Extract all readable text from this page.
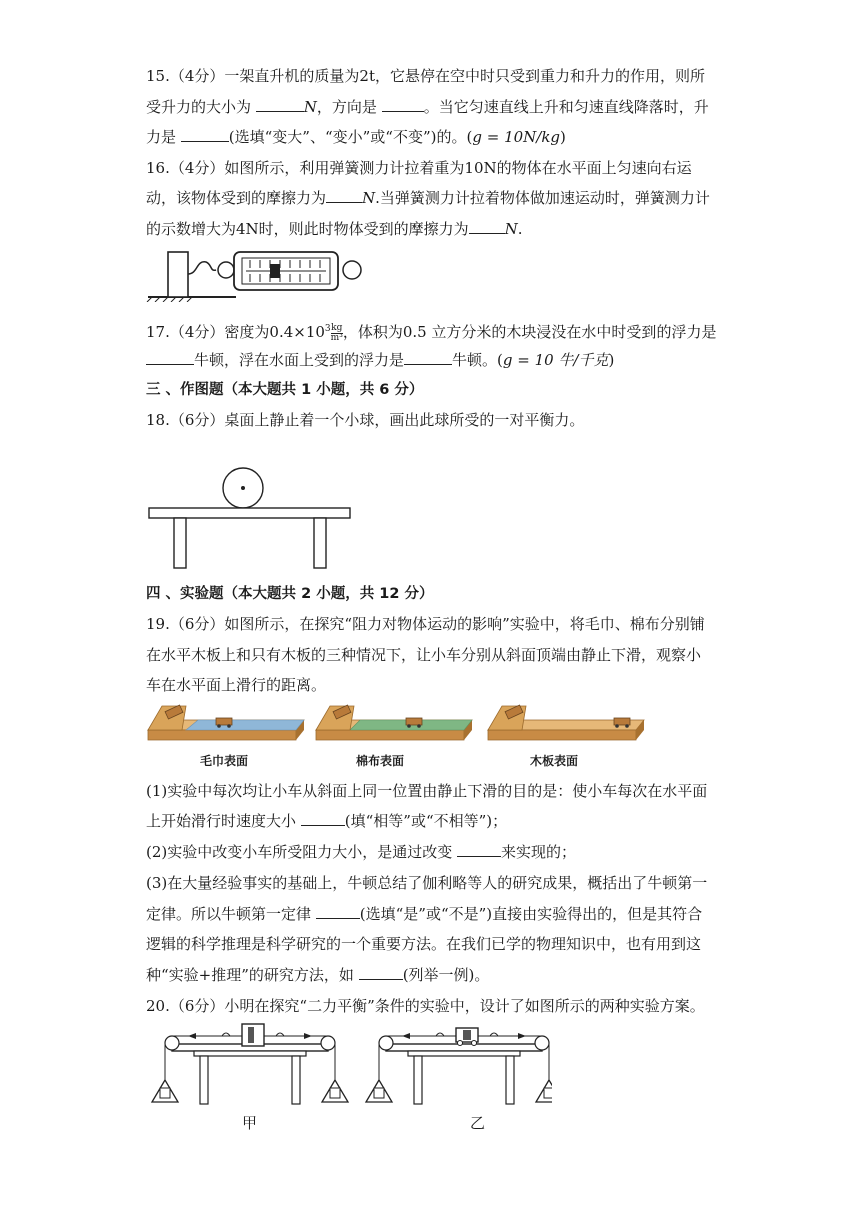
15.（4分）一架直升机的质量为2t，它悬停在空中时只受到重力和升力的作用，则所
受升力的大小为	N，方向是	。当它匀速直线上升和匀速直线降落时，升
力是	(选填“变大”、“变小”或“不变”)的。(g = 10N/kg)
16.（4分）如图所示，利用弹簧测力计拉着重为10N的物体在水平面上匀速向右运
动，该物体受到的摩擦力为 N.当弹簧测力计拉着物体做加速运动时，弹簧测力计
的示数增大为4N时，则此时物体受到的摩擦力为 N.
17.（4分）密度为$0.4\times 10^3 \frac{kg}{\text{m³}}$ ，体积为0.5 立方分米的木块浸没在水中时受到的浮力是
牛顿，浮在水面上受到的浮力是	牛顿。(g = 10 牛/千克)
三 、作图题（本大题共 1 小题，共 6 分）
18.（6分）桌面上静止着一个小球，画出此球所受的一对平衡力。
四 、实验题（本大题共 2 小题，共 12 分）
19.（6分）如图所示，在探究“阻力对物体运动的影响”实验中，将毛巾、棉布分别铺
在水平木板上和只有木板的三种情况下，让小车分别从斜面顶端由静止下滑，观察小
车在水平面上滑行的距离。
毛巾表面	棉布表面	木板表面
(1)实验中每次均让小车从斜面上同一位置由静止下滑的目的是：使小车每次在水平面
上开始滑行时速度大小	(填“相等”或“不相等”)；
(2)实验中改变小车所受阻力大小，是通过改变	来实现的；
(3)在大量经验事实的基础上，牛顿总结了伽利略等人的研究成果，概括出了牛顿第一
定律。所以牛顿第一定律	(选填“是”或“不是”)直接由实验得出的，但是其符合
逻辑的科学推理是科学研究的一个重要方法。在我们已学的物理知识中，也有用到这
种“实验+推理”的研究方法，如	(列举一例)。
20.（6分）小明在探究“二力平衡”条件的实验中，设计了如图所示的两种实验方案。
甲	乙
